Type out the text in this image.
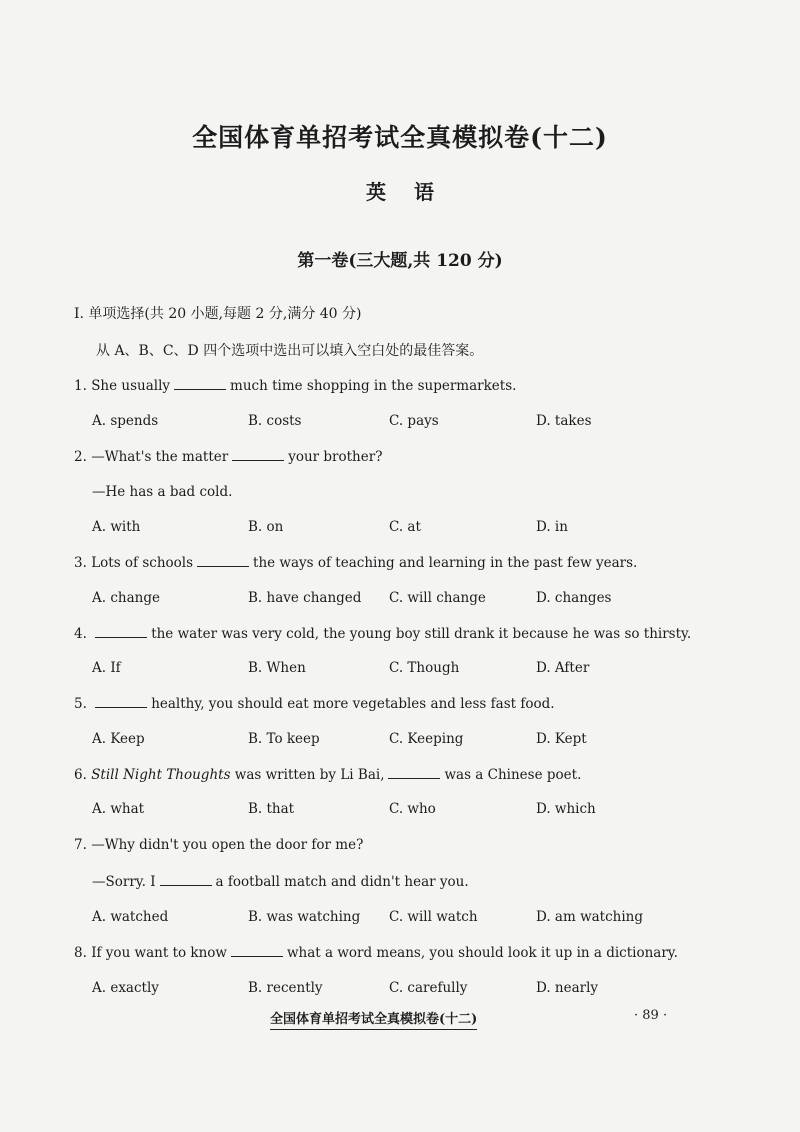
全国体育单招考试全真模拟卷(十二)
英语
第一卷(三大题,共 120 分)
Ⅰ. 单项选择(共 20 小题,每题 2 分,满分 40 分)
从 A、B、C、D 四个选项中选出可以填入空白处的最佳答案。
1. She usually	much time shopping in the supermarkets.
A. spends	B. costs	C. pays	D. takes
2. —What's the matter	your brother?
—He has a bad cold.
A. with	B. on	C. at	D. in
3. Lots of schools	the ways of teaching and learning in the past few years.
A. change	B. have changed C. will change	D. changes
4.	the water was very cold, the young boy still drank it because he was so thirsty.
A. If	B. When	C. Though	D. After
5.	healthy, you should eat more vegetables and less fast food.
A. Keep	B. To keep	C. Keeping	D. Kept
6. Still Night Thoughts was written by Li Bai,	was a Chinese poet.
A. what	B. that	C. who	D. which
7. —Why didn't you open the door for me?
—Sorry. I	a football match and didn't hear you.
A. watched	B. was watching C. will watch	D. am watching
8. If you want to know	what a word means, you should look it up in a dictionary.
A. exactly	B. recently	C. carefully	D. nearly
全国体育单招考试全真模拟卷(十二)	· 89 ·
